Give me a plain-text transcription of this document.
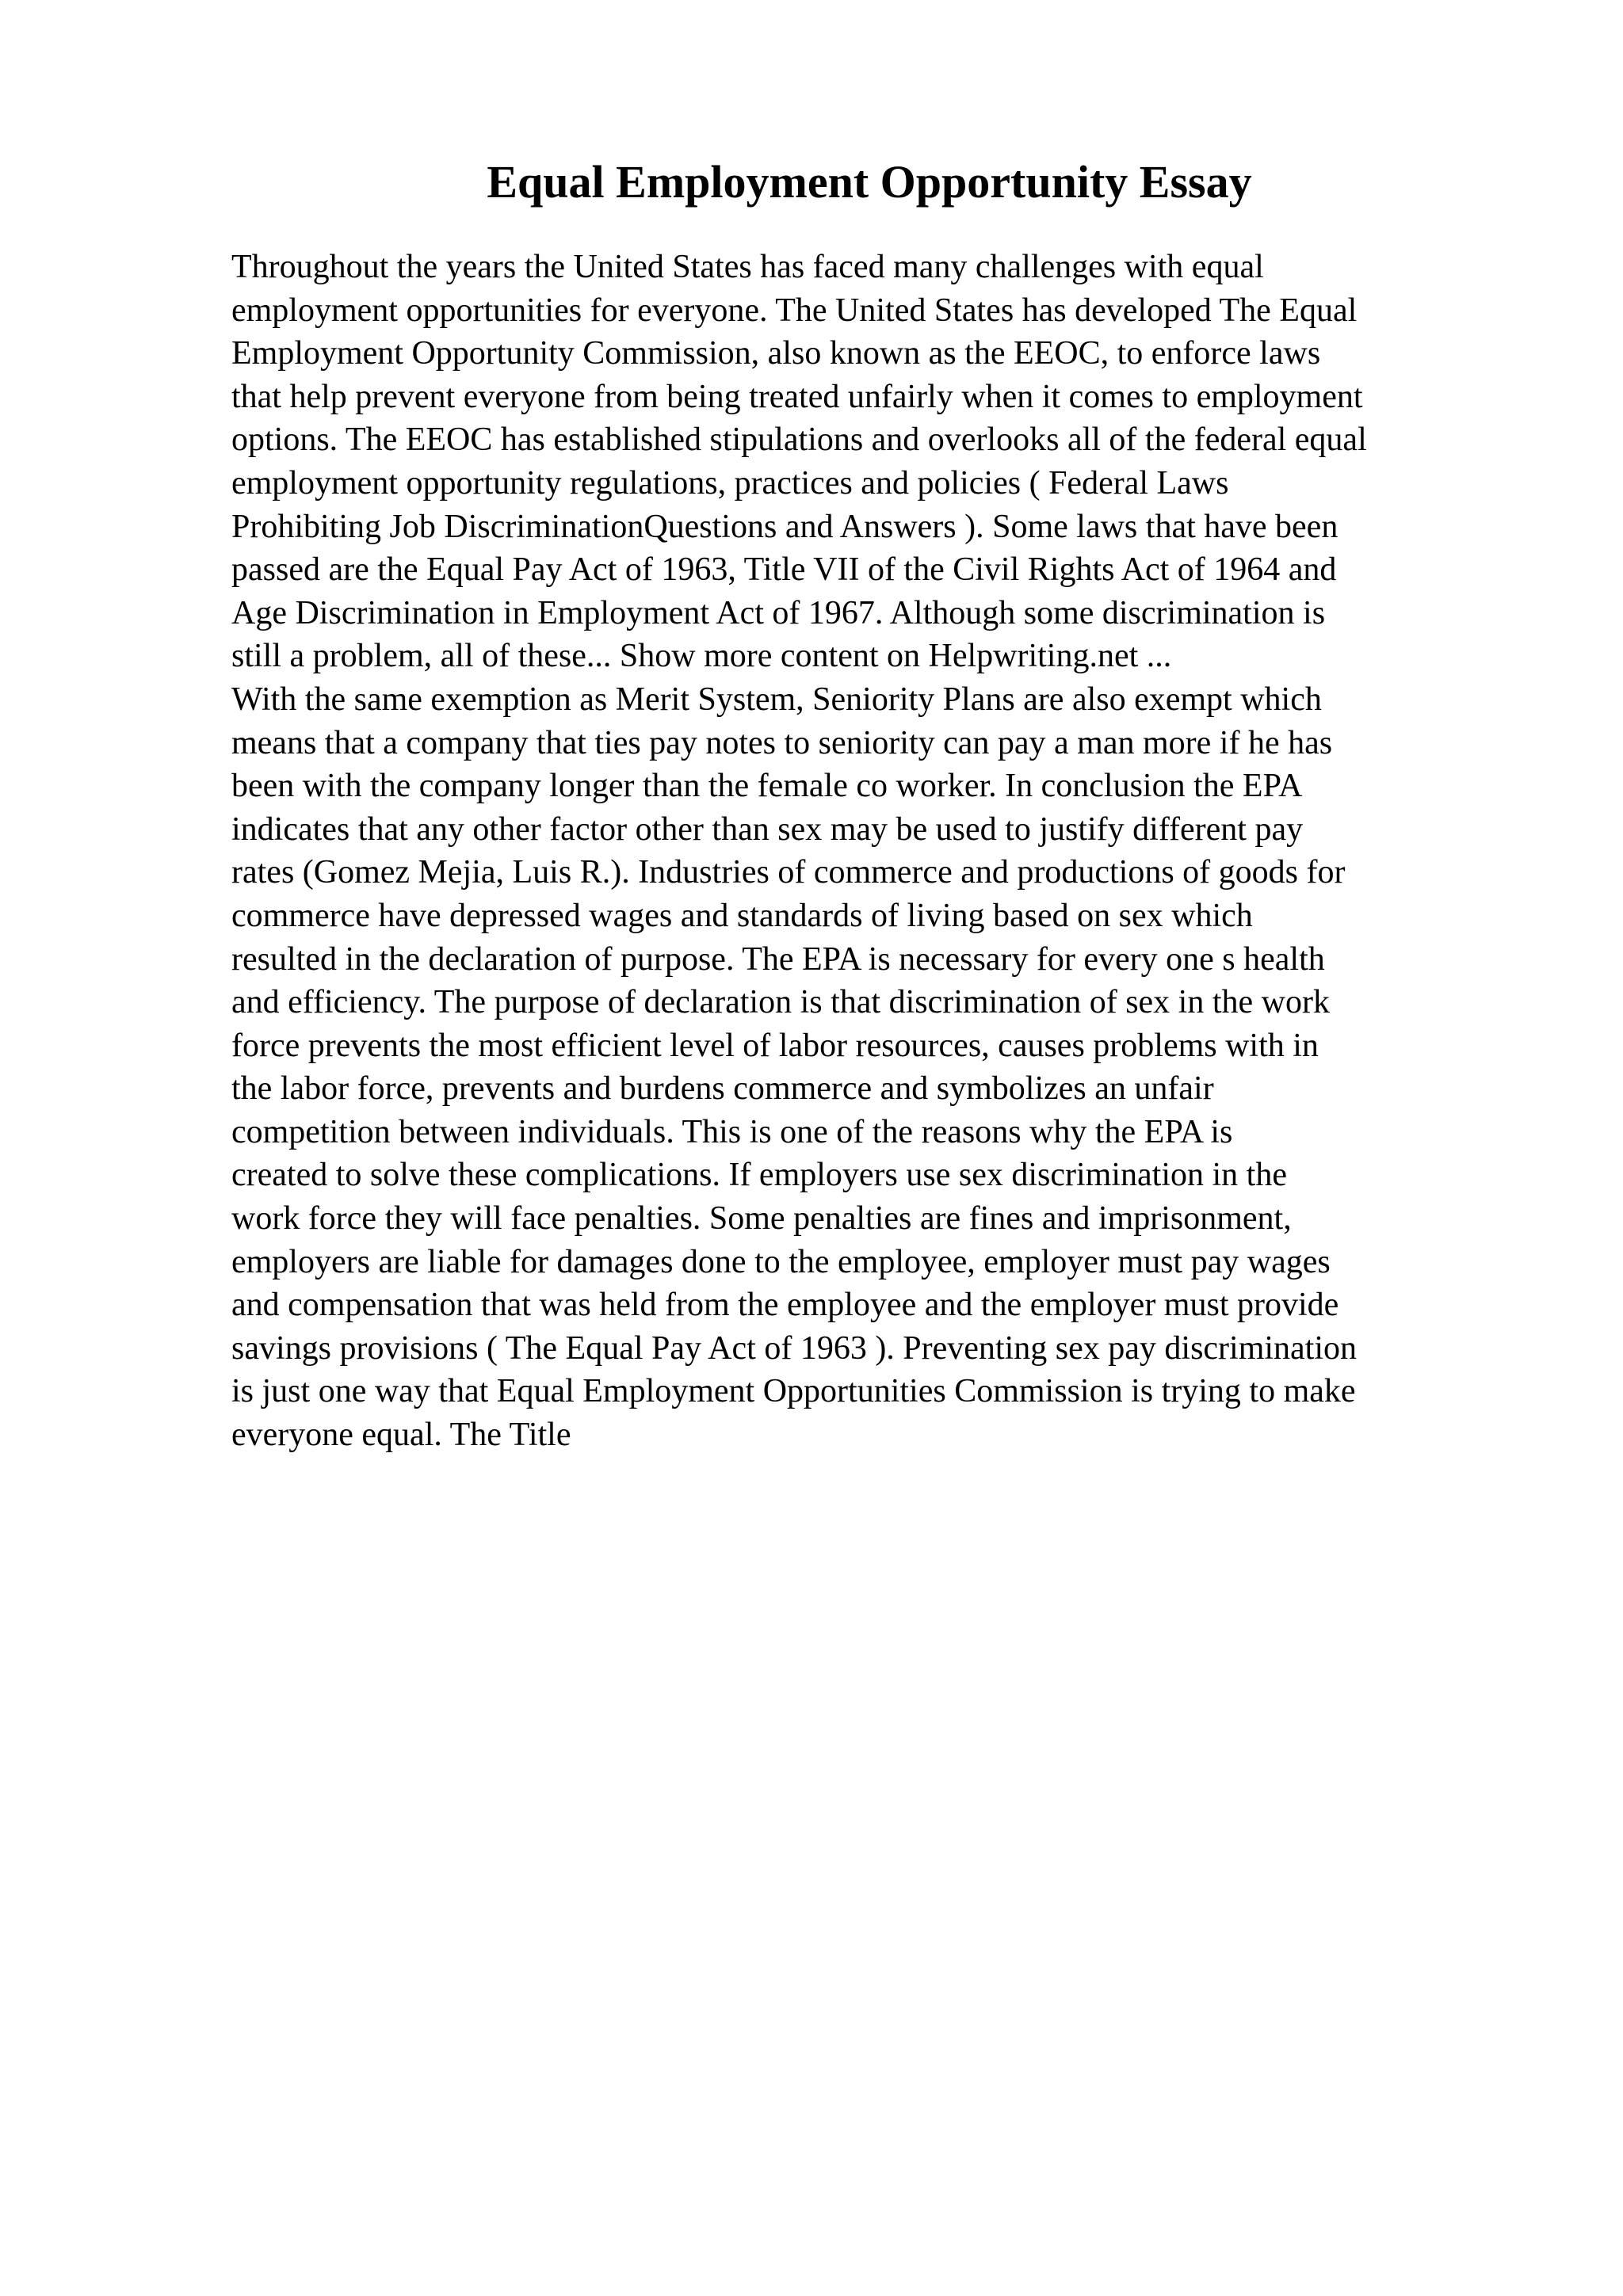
Equal Employment Opportunity Essay
Throughout the years the United States has faced many challenges with equal
employment opportunities for everyone. The United States has developed The Equal
Employment Opportunity Commission, also known as the EEOC, to enforce laws
that help prevent everyone from being treated unfairly when it comes to employment
options. The EEOC has established stipulations and overlooks all of the federal equal
employment opportunity regulations, practices and policies ( Federal Laws
Prohibiting Job DiscriminationQuestions and Answers ). Some laws that have been
passed are the Equal Pay Act of 1963, Title VII of the Civil Rights Act of 1964 and
Age Discrimination in Employment Act of 1967. Although some discrimination is
still a problem, all of these... Show more content on Helpwriting.net ...
With the same exemption as Merit System, Seniority Plans are also exempt which
means that a company that ties pay notes to seniority can pay a man more if he has
been with the company longer than the female co worker. In conclusion the EPA
indicates that any other factor other than sex may be used to justify different pay
rates (Gomez Mejia, Luis R.). Industries of commerce and productions of goods for
commerce have depressed wages and standards of living based on sex which
resulted in the declaration of purpose. The EPA is necessary for every one s health
and efficiency. The purpose of declaration is that discrimination of sex in the work
force prevents the most efficient level of labor resources, causes problems with in
the labor force, prevents and burdens commerce and symbolizes an unfair
competition between individuals. This is one of the reasons why the EPA is
created to solve these complications. If employers use sex discrimination in the
work force they will face penalties. Some penalties are fines and imprisonment,
employers are liable for damages done to the employee, employer must pay wages
and compensation that was held from the employee and the employer must provide
savings provisions ( The Equal Pay Act of 1963 ). Preventing sex pay discrimination
is just one way that Equal Employment Opportunities Commission is trying to make
everyone equal. The Title
